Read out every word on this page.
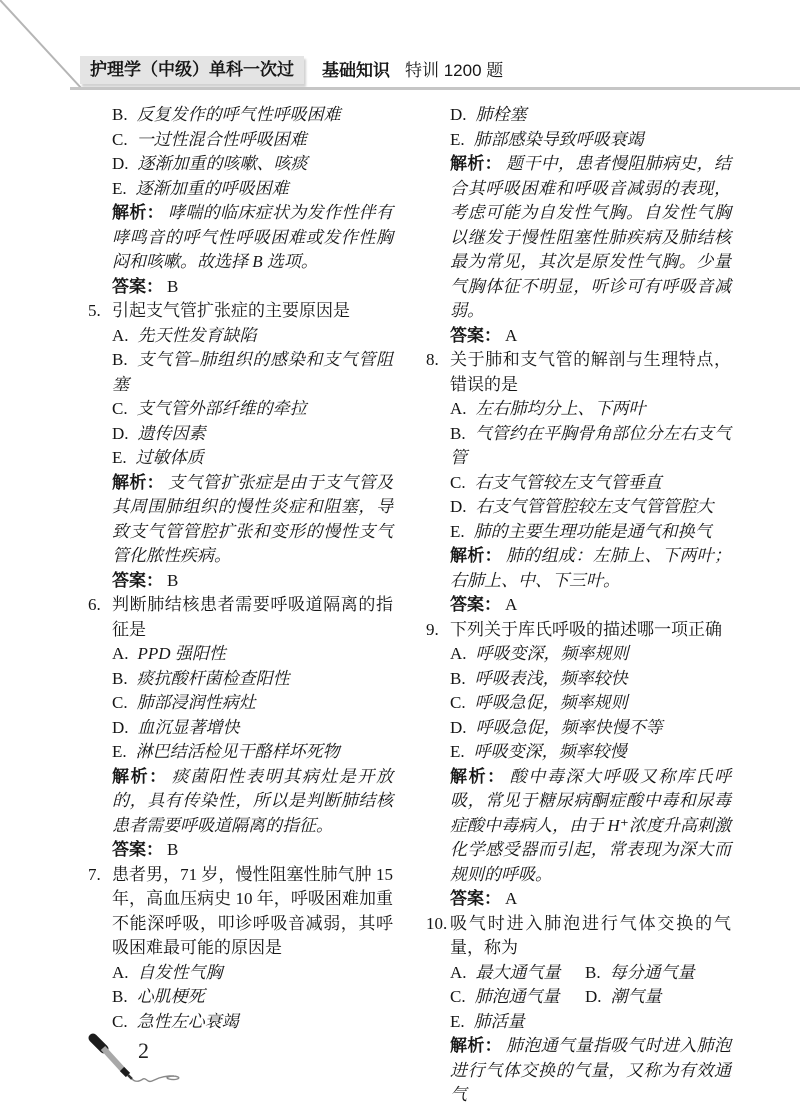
护理学（中级）单科一次过	基础知识 特训 1200 题
B. 反复发作的呼气性呼吸困难
C. 一过性混合性呼吸困难
D. 逐渐加重的咳嗽、咳痰
E. 逐渐加重的呼吸困难
解析： 哮喘的临床症状为发作性伴有哮鸣音的呼气性呼吸困难或发作性胸闷和咳嗽。故选择 B 选项。
答案： B
5. 引起支气管扩张症的主要原因是
A. 先天性发育缺陷
B. 支气管–肺组织的感染和支气管阻塞
C. 支气管外部纤维的牵拉
D. 遗传因素
E. 过敏体质
解析： 支气管扩张症是由于支气管及其周围肺组织的慢性炎症和阻塞，导致支气管管腔扩张和变形的慢性支气管化脓性疾病。
答案： B
6. 判断肺结核患者需要呼吸道隔离的指征是
A. PPD 强阳性
B. 痰抗酸杆菌检查阳性
C. 肺部浸润性病灶
D. 血沉显著增快
E. 淋巴结活检见干酪样坏死物
解析： 痰菌阳性表明其病灶是开放的，具有传染性，所以是判断肺结核患者需要呼吸道隔离的指征。
答案： B
7. 患者男，71 岁，慢性阻塞性肺气肿 15 年，高血压病史 10 年，呼吸困难加重不能深呼吸，叩诊呼吸音减弱，其呼吸困难最可能的原因是
A. 自发性气胸
B. 心肌梗死
C. 急性左心衰竭
D. 肺栓塞
E. 肺部感染导致呼吸衰竭
解析： 题干中，患者慢阻肺病史，结合其呼吸困难和呼吸音减弱的表现，考虑可能为自发性气胸。自发性气胸以继发于慢性阻塞性肺疾病及肺结核最为常见，其次是原发性气胸。少量气胸体征不明显，听诊可有呼吸音减弱。
答案： A
8. 关于肺和支气管的解剖与生理特点，错误的是
A. 左右肺均分上、下两叶
B. 气管约在平胸骨角部位分左右支气管
C. 右支气管较左支气管垂直
D. 右支气管管腔较左支气管管腔大
E. 肺的主要生理功能是通气和换气
解析： 肺的组成：左肺上、下两叶；右肺上、中、下三叶。
答案： A
9. 下列关于库氏呼吸的描述哪一项正确
A. 呼吸变深，频率规则
B. 呼吸表浅，频率较快
C. 呼吸急促，频率规则
D. 呼吸急促，频率快慢不等
E. 呼吸变深，频率较慢
解析： 酸中毒深大呼吸又称库氏呼吸，常见于糖尿病酮症酸中毒和尿毒症酸中毒病人，由于 H⁺浓度升高刺激化学感受器而引起，常表现为深大而规则的呼吸。
答案： A
10. 吸气时进入肺泡进行气体交换的气量，称为
A. 最大通气量	B. 每分通气量
C. 肺泡通气量	D. 潮气量
E. 肺活量
解析： 肺泡通气量指吸气时进入肺泡进行气体交换的气量，又称为有效通气
2
